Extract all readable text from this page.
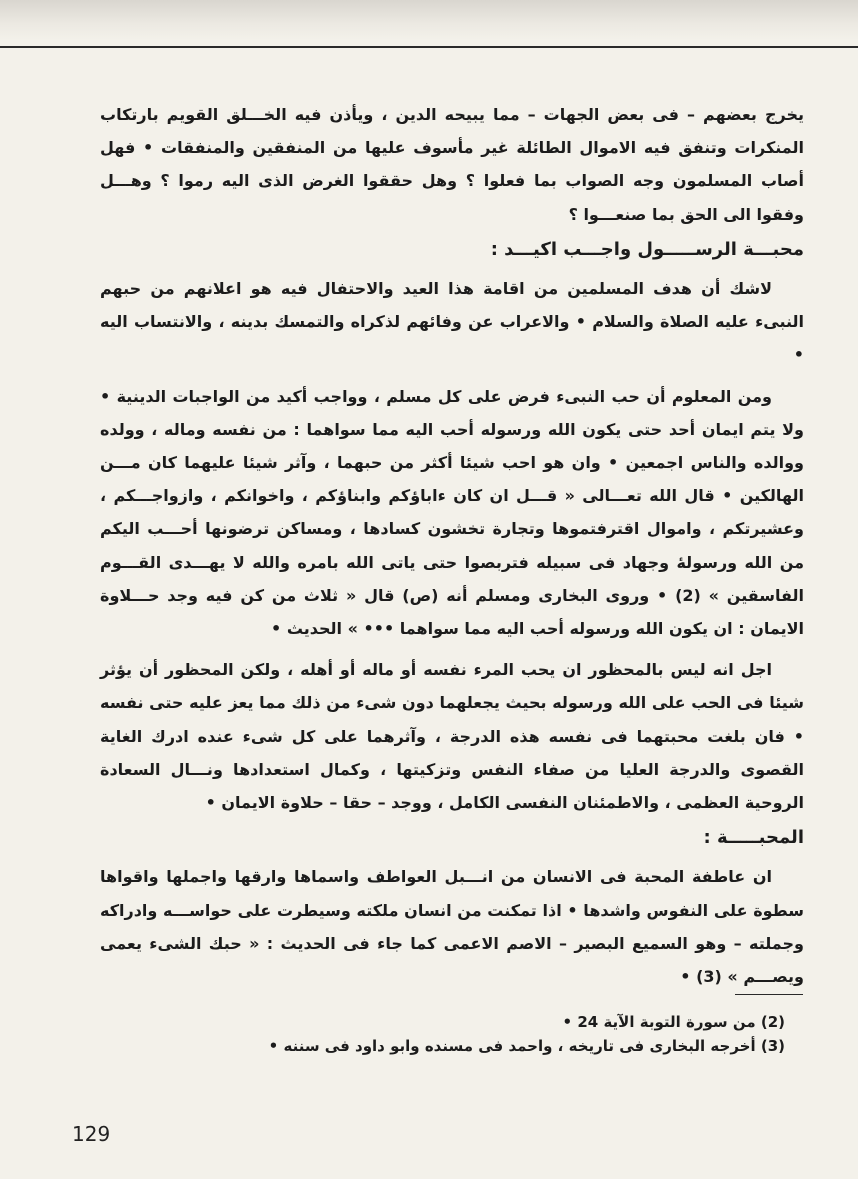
يخرج بعضهم – فى بعض الجهات – مما يبيحه الدين ، ويأذن فيه الخـــلق القويم بارتكاب المنكرات وتنفق فيه الاموال الطائلة غير مأسوف عليها من المنفقين والمنفقات • فهل أصاب المسلمون وجه الصواب بما فعلوا ؟ وهل حققوا الغرض الذى اليه رموا ؟ وهـــل وفقوا الى الحق بما صنعـــوا ؟

محبـــة الرســـــول واجـــب اكيـــد :

لاشك أن هدف المسلمين من اقامة هذا العيد والاحتفال فيه هو اعلانهم من حبهم النبىء عليه الصلاة والسلام • والاعراب عن وفائهم لذكراه والتمسك بدينه ، والانتساب اليه •

ومن المعلوم أن حب النبىء فرض على كل مسلم ، وواجب أكيد من الواجبات الدينية • ولا يتم ايمان أحد حتى يكون الله ورسوله أحب اليه مما سواهما : من نفسه وماله ، وولده ووالده والناس اجمعين • وان هو احب شيئا أكثر من حبهما ، وآثر شيئا عليهما كان مـــن الهالكين • قال الله تعـــالى « قـــل ان كان ءاباؤكم وابناؤكم ، واخوانكم ، وازواجـــكم ، وعشيرتكم ، واموال اقترفتموها وتجارة تخشون كسادها ، ومساكن ترضونها أحـــب اليكم من الله ورسولهٔ وجهاد فى سبيله فتربصوا حتى ياتى الله بامره والله لا يهـــدى القـــوم الفاسقين » (2) • وروى البخارى ومسلم أنه (ص) قال « ثلاث من كن فيه وجد حـــلاوة الايمان : ان يكون الله ورسوله أحب اليه مما سواهما ••• » الحديث •

اجل انه ليس بالمحظور ان يحب المرء نفسه أو ماله أو أهله ، ولكن المحظور أن يؤثر شيئا فى الحب على الله ورسوله بحيث يجعلهما دون شىء من ذلك مما يعز عليه حتى نفسه • فان بلغت محبتهما فى نفسه هذه الدرجة ، وآثرهما على كل شىء عنده ادرك الغاية القصوى والدرجة العليا من صفاء النفس وتزكيتها ، وكمال استعدادها ونـــال السعادة الروحية العظمى ، والاطمئنان النفسى الكامل ، ووجد – حقا – حلاوة الايمان •

المحبـــــة :

ان عاطفة المحبة فى الانسان من انـــبل العواطف واسماها وارقها واجملها واقواها سطوة على النفوس واشدها • اذا تمكنت من انسان ملكته وسيطرت على حواســـه وادراكه وجملته – وهو السميع البصير – الاصم الاعمى كما جاء فى الحديث : « حبك الشىء يعمى ويصـــم » (3) •

(2) من سورة التوبة الآية 24 •

(3) أخرجه البخارى فى تاريخه ، واحمد فى مسنده وابو داود فى سننه •

129
